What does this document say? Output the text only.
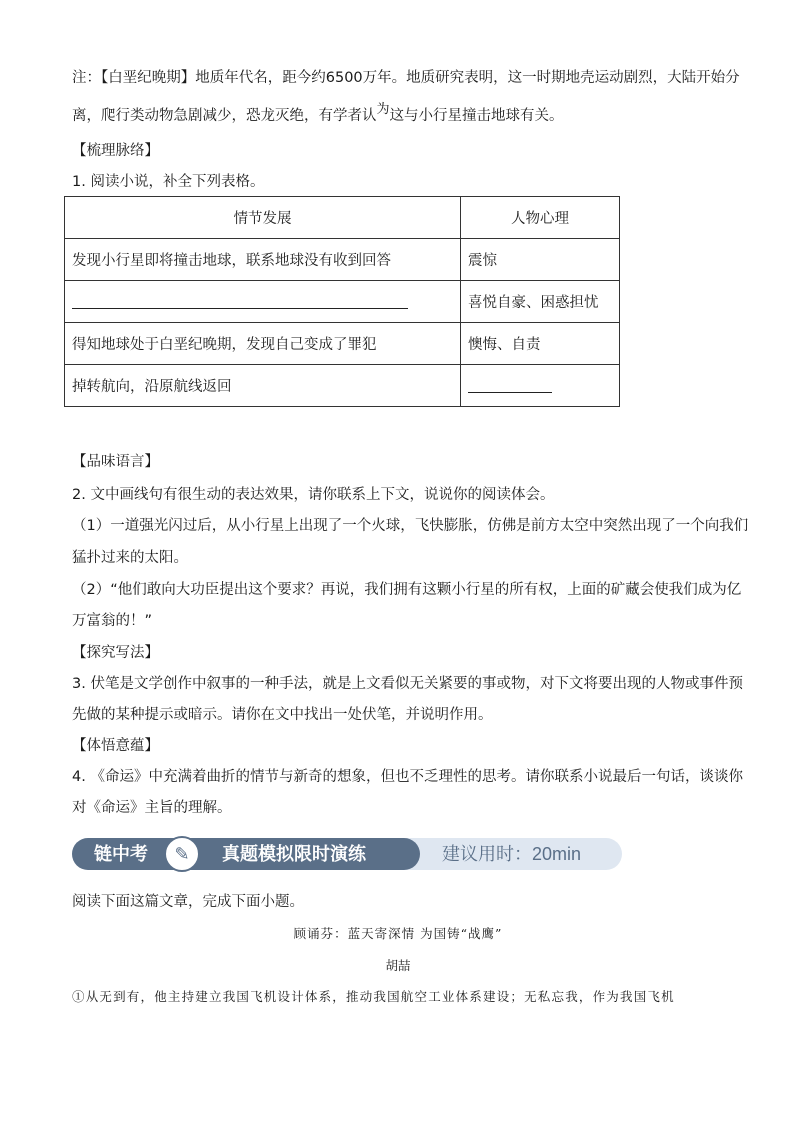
注：【白垩纪晚期】地质年代名，距今约6500万年。地质研究表明，这一时期地壳运动剧烈，大陆开始分
离，爬行类动物急剧减少，恐龙灭绝，有学者认为这与小行星撞击地球有关。
【梳理脉络】
1. 阅读小说，补全下列表格。
情节发展	人物心理
发现小行星即将撞击地球，联系地球没有收到回答	震惊
	喜悦自豪、困惑担忧
得知地球处于白垩纪晚期，发现自己变成了罪犯	懊悔、自责
掉转航向，沿原航线返回	
【品味语言】
2. 文中画线句有很生动的表达效果，请你联系上下文，说说你的阅读体会。
（1）一道强光闪过后，从小行星上出现了一个火球，飞快膨胀，仿佛是前方太空中突然出现了一个向我们
猛扑过来的太阳。
（2）“他们敢向大功臣提出这个要求？再说，我们拥有这颗小行星的所有权，上面的矿藏会使我们成为亿
万富翁的！”
【探究写法】
3. 伏笔是文学创作中叙事的一种手法，就是上文看似无关紧要的事或物，对下文将要出现的人物或事件预
先做的某种提示或暗示。请你在文中找出一处伏笔，并说明作用。
【体悟意蕴】
4. 《命运》中充满着曲折的情节与新奇的想象，但也不乏理性的思考。请你联系小说最后一句话，谈谈你
对《命运》主旨的理解。
链中考	✎	真题模拟限时演练	建议用时：20min
阅读下面这篇文章，完成下面小题。
顾诵芬：蓝天寄深情 为国铸“战鹰”
胡喆
①从无到有，他主持建立我国飞机设计体系，推动我国航空工业体系建设；无私忘我，作为我国飞机
